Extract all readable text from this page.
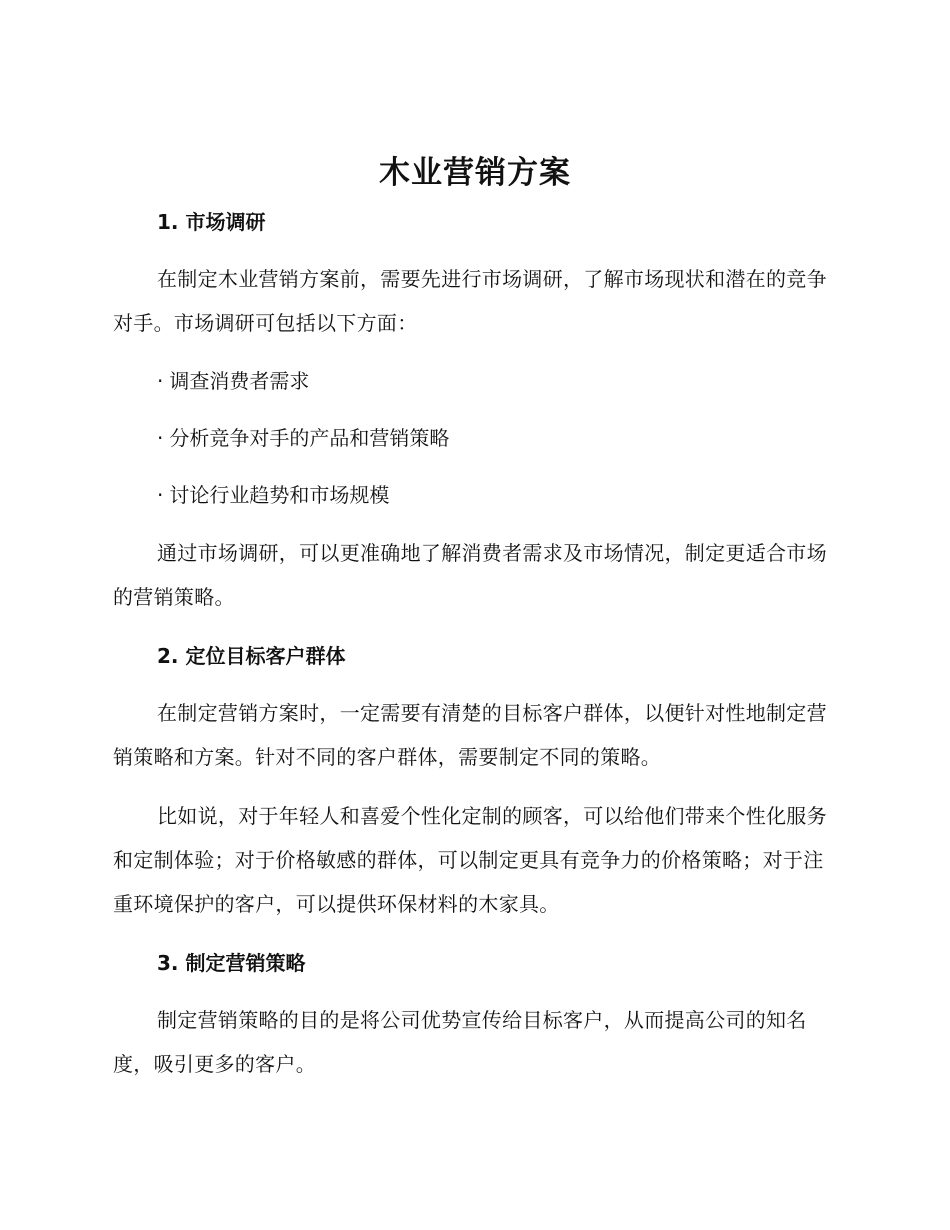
木业营销方案
1. 市场调研

在制定木业营销方案前，需要先进行市场调研，了解市场现状和潜在的竞争对手。市场调研可包括以下方面：

· 调查消费者需求
· 分析竞争对手的产品和营销策略
· 讨论行业趋势和市场规模

通过市场调研，可以更准确地了解消费者需求及市场情况，制定更适合市场的营销策略。

2. 定位目标客户群体

在制定营销方案时，一定需要有清楚的目标客户群体，以便针对性地制定营销策略和方案。针对不同的客户群体，需要制定不同的策略。

比如说，对于年轻人和喜爱个性化定制的顾客，可以给他们带来个性化服务和定制体验；对于价格敏感的群体，可以制定更具有竞争力的价格策略；对于注重环境保护的客户，可以提供环保材料的木家具。

3. 制定营销策略

制定营销策略的目的是将公司优势宣传给目标客户，从而提高公司的知名度，吸引更多的客户。
